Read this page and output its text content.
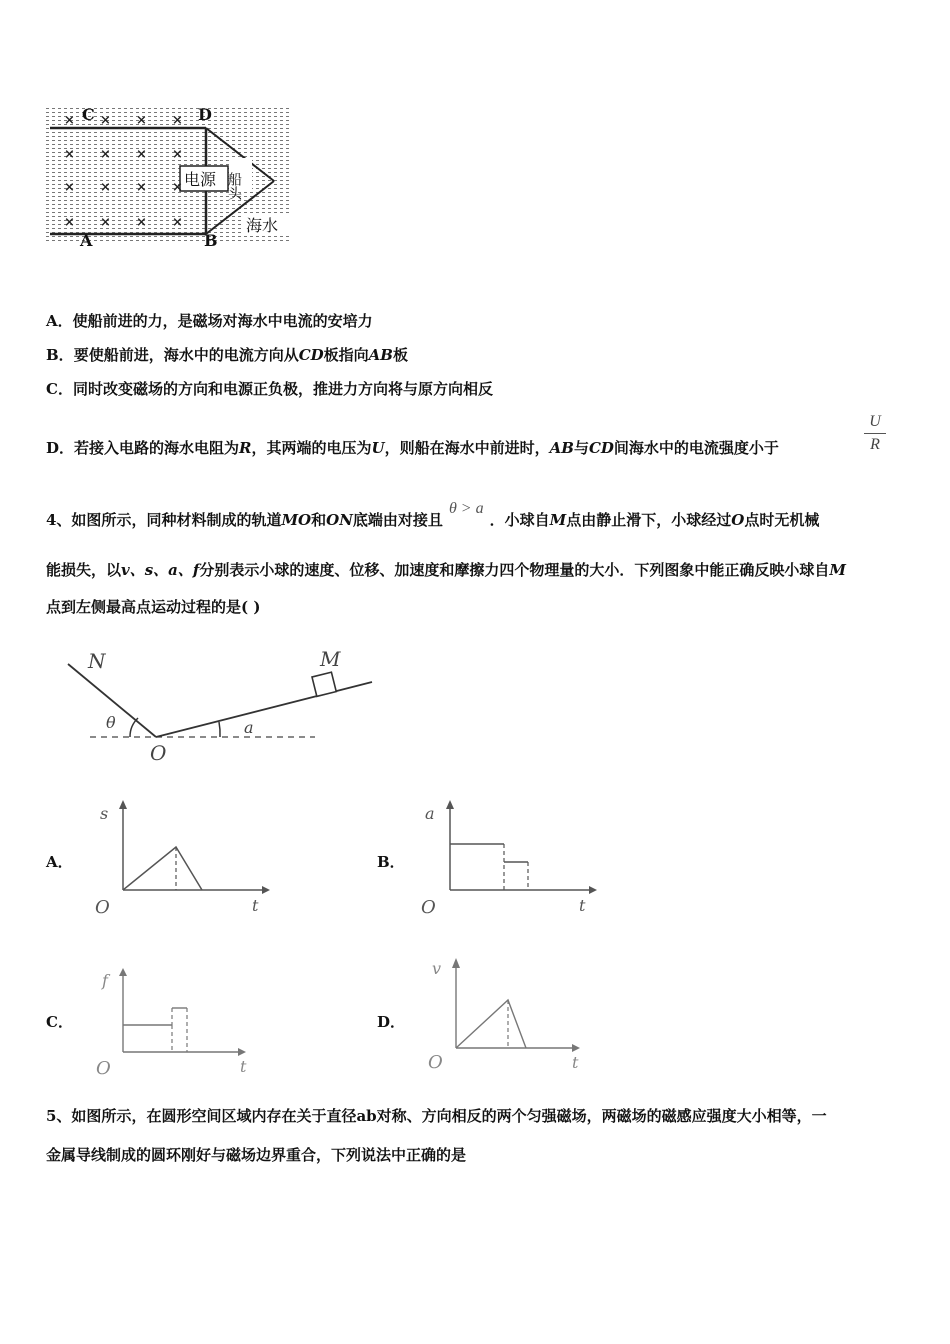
电源 船头
海水
C	D
A	B
× × × ×
× × × ×
× × × ×
× × × ×
A．使船前进的力，是磁场对海水中电流的安培力
B．要使船前进，海水中的电流方向从CD板指向AB板
C．同时改变磁场的方向和电源正负极，推进力方向将与原方向相反
D．若接入电路的海水电阻为R，其两端的电压为U，则船在海水中前进时，AB与CD间海水中的电流强度小于
U
R
4、如图所示，同种材料制成的轨道MO和ON底端由对接且θ > a．小球自M点由静止滑下，小球经过O点时无机械
能损失，以v、s、a、f分别表示小球的速度、位移、加速度和摩擦力四个物理量的大小．下列图象中能正确反映小球自M
点到左侧最高点运动过程的是( )
N	M
O
θ	a
A．
s
O	t
B．
a
O	t
C．
f
O	t
D．
v
O	t
5、如图所示，在圆形空间区域内存在关于直径ab对称、方向相反的两个匀强磁场，两磁场的磁感应强度大小相等，一
金属导线制成的圆环刚好与磁场边界重合，下列说法中正确的是
